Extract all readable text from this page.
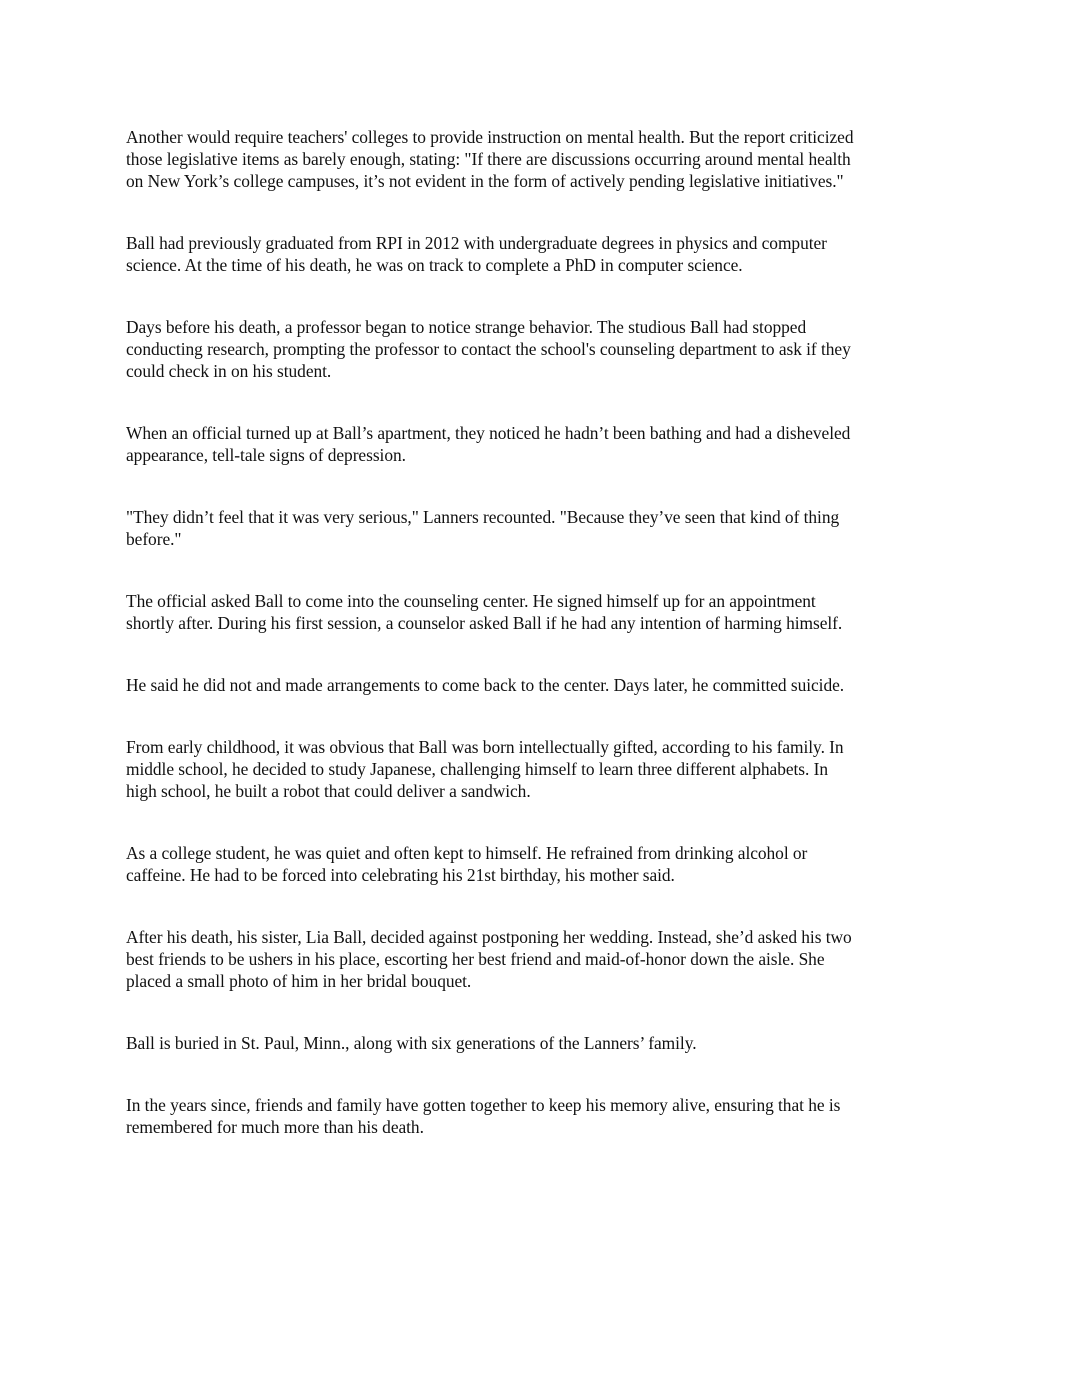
Another would require teachers' colleges to provide instruction on mental health. But the report criticized
those legislative items as barely enough, stating: "If there are discussions occurring around mental health
on New York’s college campuses, it’s not evident in the form of actively pending legislative initiatives."

Ball had previously graduated from RPI in 2012 with undergraduate degrees in physics and computer
science. At the time of his death, he was on track to complete a PhD in computer science.

Days before his death, a professor began to notice strange behavior. The studious Ball had stopped
conducting research, prompting the professor to contact the school's counseling department to ask if they
could check in on his student.

When an official turned up at Ball’s apartment, they noticed he hadn’t been bathing and had a disheveled
appearance, tell-tale signs of depression.

"They didn’t feel that it was very serious," Lanners recounted. "Because they’ve seen that kind of thing
before."

The official asked Ball to come into the counseling center. He signed himself up for an appointment
shortly after. During his first session, a counselor asked Ball if he had any intention of harming himself.

He said he did not and made arrangements to come back to the center. Days later, he committed suicide.

From early childhood, it was obvious that Ball was born intellectually gifted, according to his family. In
middle school, he decided to study Japanese, challenging himself to learn three different alphabets. In
high school, he built a robot that could deliver a sandwich.

As a college student, he was quiet and often kept to himself. He refrained from drinking alcohol or
caffeine. He had to be forced into celebrating his 21st birthday, his mother said.

After his death, his sister, Lia Ball, decided against postponing her wedding. Instead, she’d asked his two
best friends to be ushers in his place, escorting her best friend and maid-of-honor down the aisle. She
placed a small photo of him in her bridal bouquet.

Ball is buried in St. Paul, Minn., along with six generations of the Lanners’ family.

In the years since, friends and family have gotten together to keep his memory alive, ensuring that he is
remembered for much more than his death.
